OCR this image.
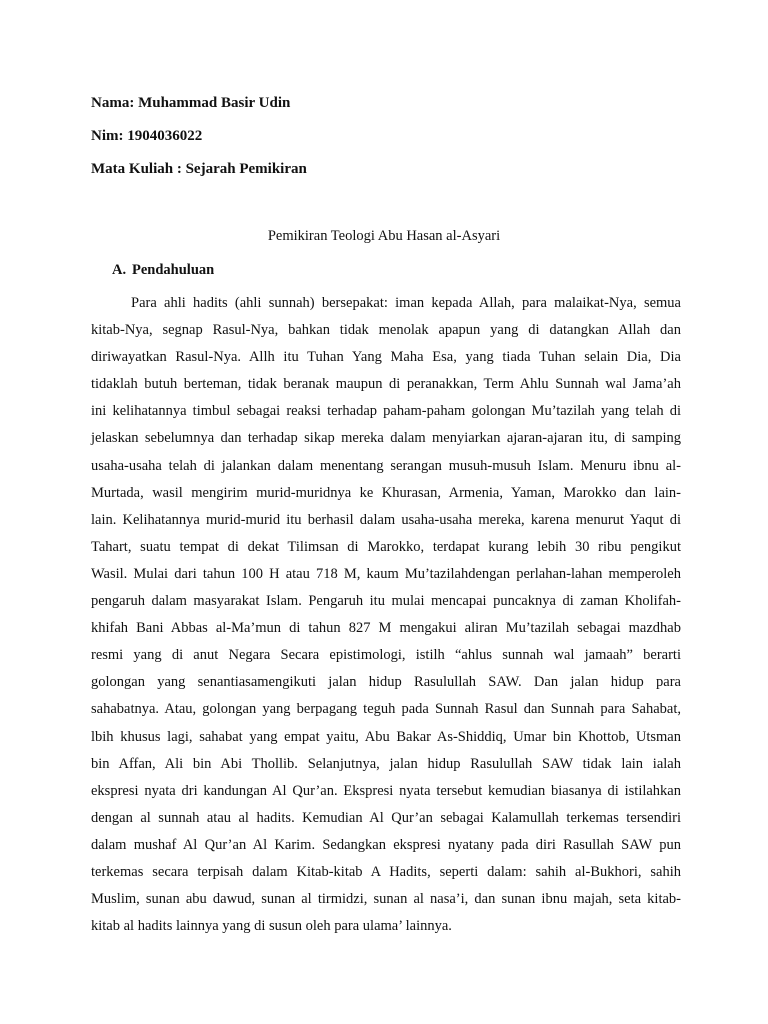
Nama: Muhammad Basir Udin
Nim: 1904036022
Mata Kuliah : Sejarah Pemikiran
Pemikiran Teologi Abu Hasan al-Asyari
A. Pendahuluan
Para ahli hadits (ahli sunnah) bersepakat: iman kepada Allah, para malaikat-Nya, semua
kitab-Nya, segnap Rasul-Nya, bahkan tidak menolak apapun yang di datangkan Allah dan
diriwayatkan Rasul-Nya. Allh itu Tuhan Yang Maha Esa, yang tiada Tuhan selain Dia, Dia
tidaklah butuh berteman, tidak beranak maupun di peranakkan, Term Ahlu Sunnah wal Jama’ah
ini kelihatannya timbul sebagai reaksi terhadap paham-paham golongan Mu’tazilah yang telah di
jelaskan sebelumnya dan terhadap sikap mereka dalam menyiarkan ajaran-ajaran itu, di samping
usaha-usaha telah di jalankan dalam menentang serangan musuh-musuh Islam. Menuru ibnu al-
Murtada, wasil mengirim murid-muridnya ke Khurasan, Armenia, Yaman, Marokko dan lain-
lain. Kelihatannya murid-murid itu berhasil dalam usaha-usaha mereka, karena menurut Yaqut di
Tahart, suatu tempat di dekat Tilimsan di Marokko, terdapat kurang lebih 30 ribu pengikut
Wasil. Mulai dari tahun 100 H atau 718 M, kaum Mu’tazilahdengan perlahan-lahan memperoleh
pengaruh dalam masyarakat Islam. Pengaruh itu mulai mencapai puncaknya di zaman Kholifah-
khifah Bani Abbas al-Ma’mun di tahun 827 M mengakui aliran Mu’tazilah sebagai mazdhab
resmi yang di anut Negara Secara epistimologi, istilh “ahlus sunnah wal jamaah” berarti
golongan yang senantiasamengikuti jalan hidup Rasulullah SAW. Dan jalan hidup para
sahabatnya. Atau, golongan yang berpagang teguh pada Sunnah Rasul dan Sunnah para Sahabat,
lbih khusus lagi, sahabat yang empat yaitu, Abu Bakar As-Shiddiq, Umar bin Khottob, Utsman
bin Affan, Ali bin Abi Thollib. Selanjutnya, jalan hidup Rasulullah SAW tidak lain ialah
ekspresi nyata dri kandungan Al Qur’an. Ekspresi nyata tersebut kemudian biasanya di istilahkan
dengan al sunnah atau al hadits. Kemudian Al Qur’an sebagai Kalamullah terkemas tersendiri
dalam mushaf Al Qur’an Al Karim. Sedangkan ekspresi nyatany pada diri Rasullah SAW pun
terkemas secara terpisah dalam Kitab-kitab A Hadits, seperti dalam: sahih al-Bukhori, sahih
Muslim, sunan abu dawud, sunan al tirmidzi, sunan al nasa’i, dan sunan ibnu majah, seta kitab-
kitab al hadits lainnya yang di susun oleh para ulama’ lainnya.
